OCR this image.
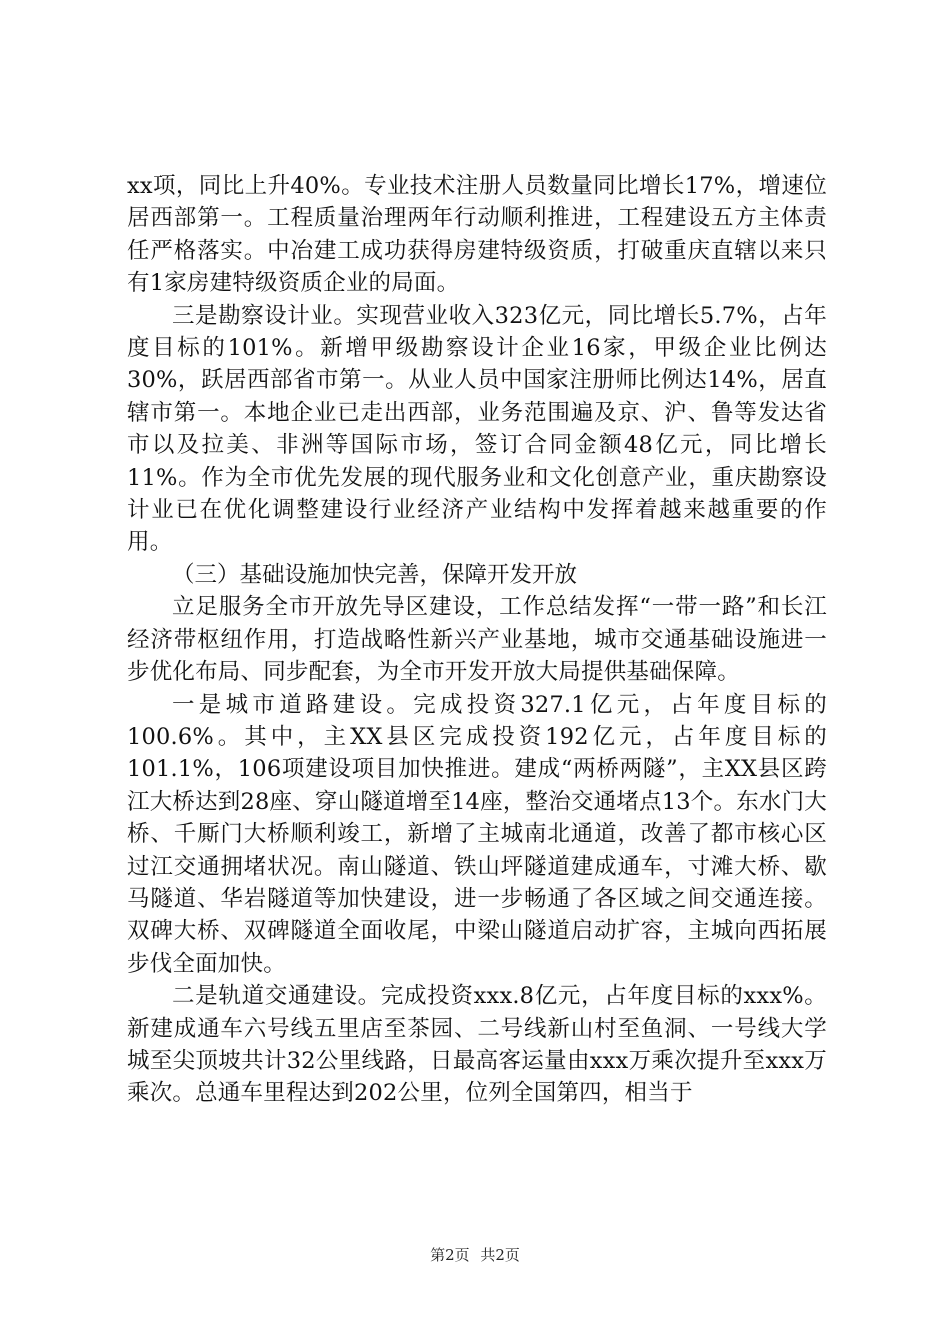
xx项，同比上升40%。专业技术注册人员数量同比增长17%，增速位居西部第一。工程质量治理两年行动顺利推进，工程建设五方主体责任严格落实。中冶建工成功获得房建特级资质，打破重庆直辖以来只有1家房建特级资质企业的局面。

三是勘察设计业。实现营业收入323亿元，同比增长5.7%，占年度目标的101%。新增甲级勘察设计企业16家，甲级企业比例达30%，跃居西部省市第一。从业人员中国家注册师比例达14%，居直辖市第一。本地企业已走出西部，业务范围遍及京、沪、鲁等发达省市以及拉美、非洲等国际市场，签订合同金额48亿元，同比增长11%。作为全市优先发展的现代服务业和文化创意产业，重庆勘察设计业已在优化调整建设行业经济产业结构中发挥着越来越重要的作用。

（三）基础设施加快完善，保障开发开放

立足服务全市开放先导区建设，工作总结发挥“一带一路”和长江经济带枢纽作用，打造战略性新兴产业基地，城市交通基础设施进一步优化布局、同步配套，为全市开发开放大局提供基础保障。

一是城市道路建设。完成投资327.1亿元，占年度目标的100.6%。其中，主XX县区完成投资192亿元，占年度目标的101.1%，106项建设项目加快推进。建成“两桥两隧”，主XX县区跨江大桥达到28座、穿山隧道增至14座，整治交通堵点13个。东水门大桥、千厮门大桥顺利竣工，新增了主城南北通道，改善了都市核心区过江交通拥堵状况。南山隧道、铁山坪隧道建成通车，寸滩大桥、歇马隧道、华岩隧道等加快建设，进一步畅通了各区域之间交通连接。双碑大桥、双碑隧道全面收尾，中梁山隧道启动扩容，主城向西拓展步伐全面加快。

二是轨道交通建设。完成投资xxx.8亿元，占年度目标的xxx%。新建成通车六号线五里店至茶园、二号线新山村至鱼洞、一号线大学城至尖顶坡共计32公里线路，日最高客运量由xxx万乘次提升至xxx万乘次。总通车里程达到202公里，位列全国第四，相当于

第2页 共2页
